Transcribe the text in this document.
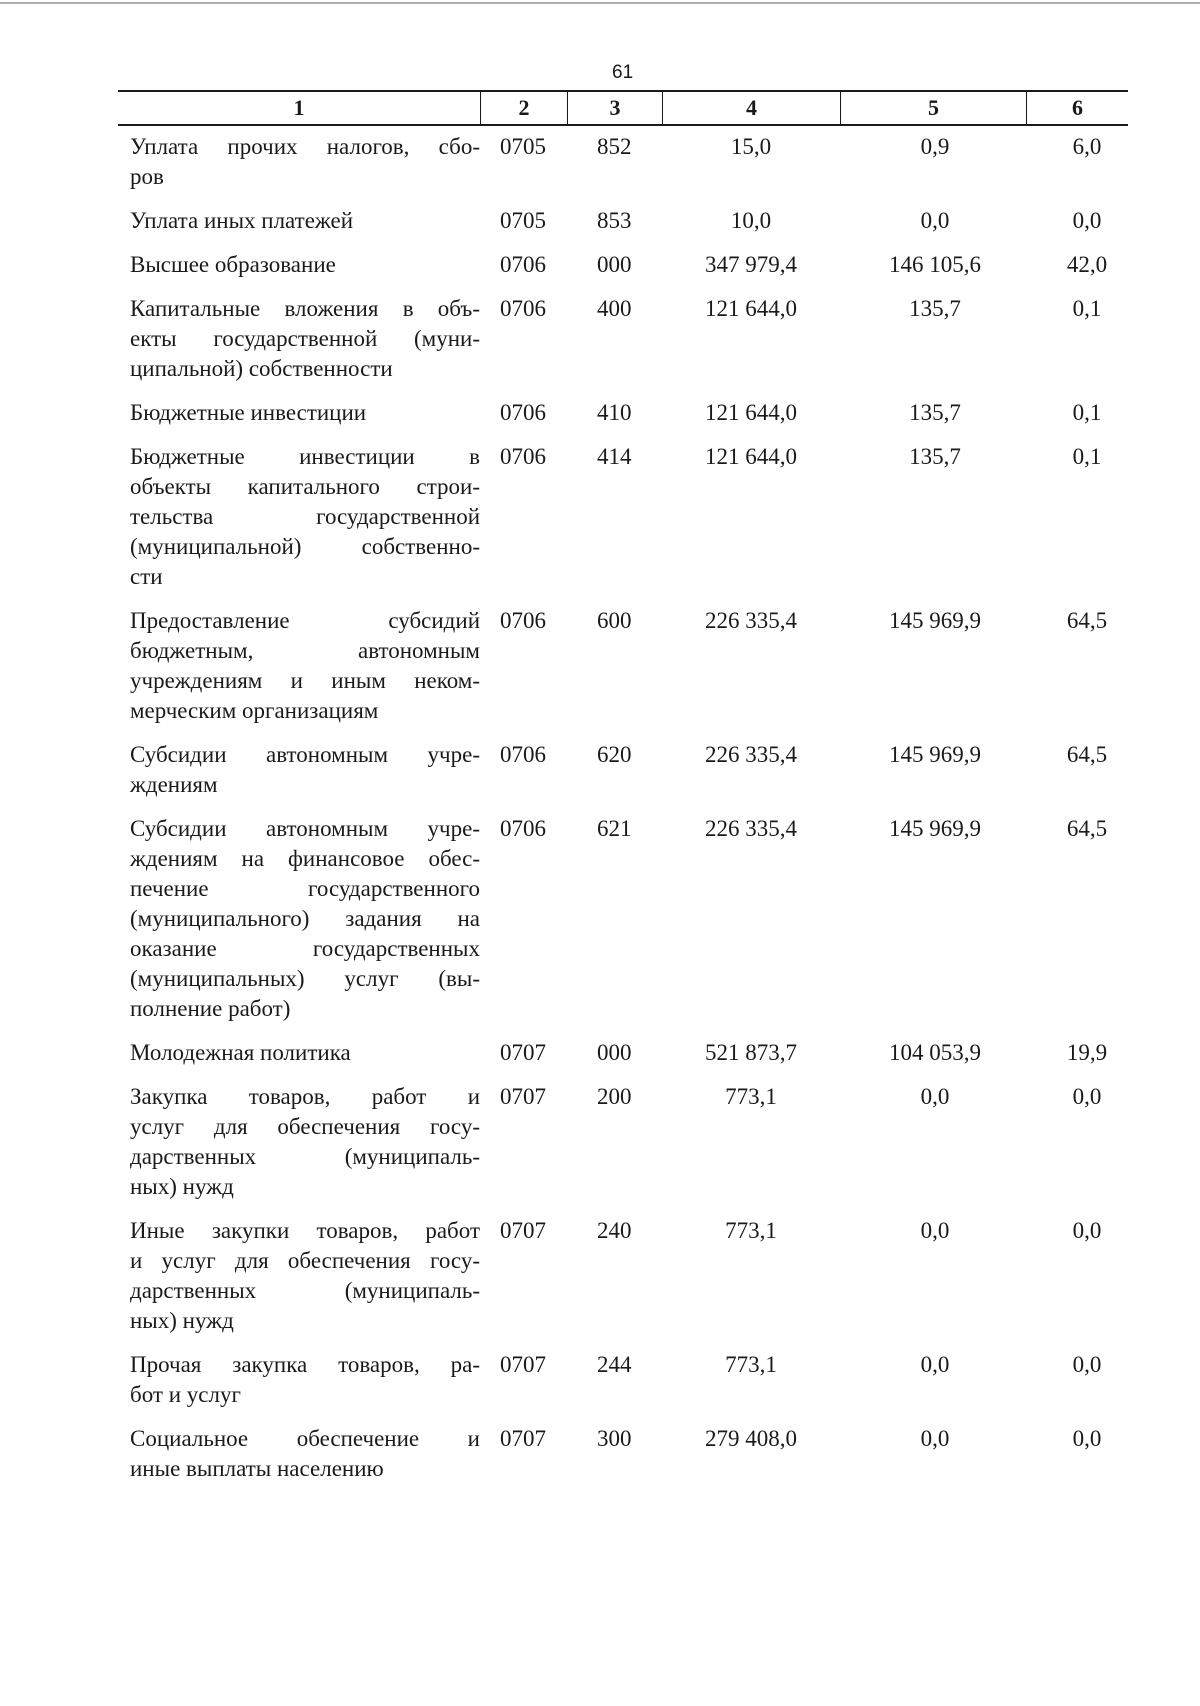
61
1	2	3	4	5	6
Уплата прочих налогов, сбо-
ров
0705	852	15,0	0,9	6,0
Уплата иных платежей	0705	853	10,0	0,0	0,0
Высшее образование	0706	000	347 979,4	146 105,6	42,0
Капитальные вложения в объ-
екты государственной (муни-
ципальной) собственности
0706	400	121 644,0	135,7	0,1
Бюджетные инвестиции	0706	410	121 644,0	135,7	0,1
Бюджетные инвестиции в
объекты капитального строи-
тельства государственной
(муниципальной) собственно-
сти
0706	414	121 644,0	135,7	0,1
Предоставление субсидий
бюджетным, автономным
учреждениям и иным неком-
мерческим организациям
0706	600	226 335,4	145 969,9	64,5
Субсидии автономным учре-
ждениям
0706	620	226 335,4	145 969,9	64,5
Субсидии автономным учре-
ждениям на финансовое обес-
печение государственного
(муниципального) задания на
оказание государственных
(муниципальных) услуг (вы-
полнение работ)
0706	621	226 335,4	145 969,9	64,5
Молодежная политика	0707	000	521 873,7	104 053,9	19,9
Закупка товаров, работ и
услуг для обеспечения госу-
дарственных (муниципаль-
ных) нужд
0707	200	773,1	0,0	0,0
Иные закупки товаров, работ
и услуг для обеспечения госу-
дарственных (муниципаль-
ных) нужд
0707	240	773,1	0,0	0,0
Прочая закупка товаров, ра-
бот и услуг
0707	244	773,1	0,0	0,0
Социальное обеспечение и
иные выплаты населению
0707	300	279 408,0	0,0	0,0
